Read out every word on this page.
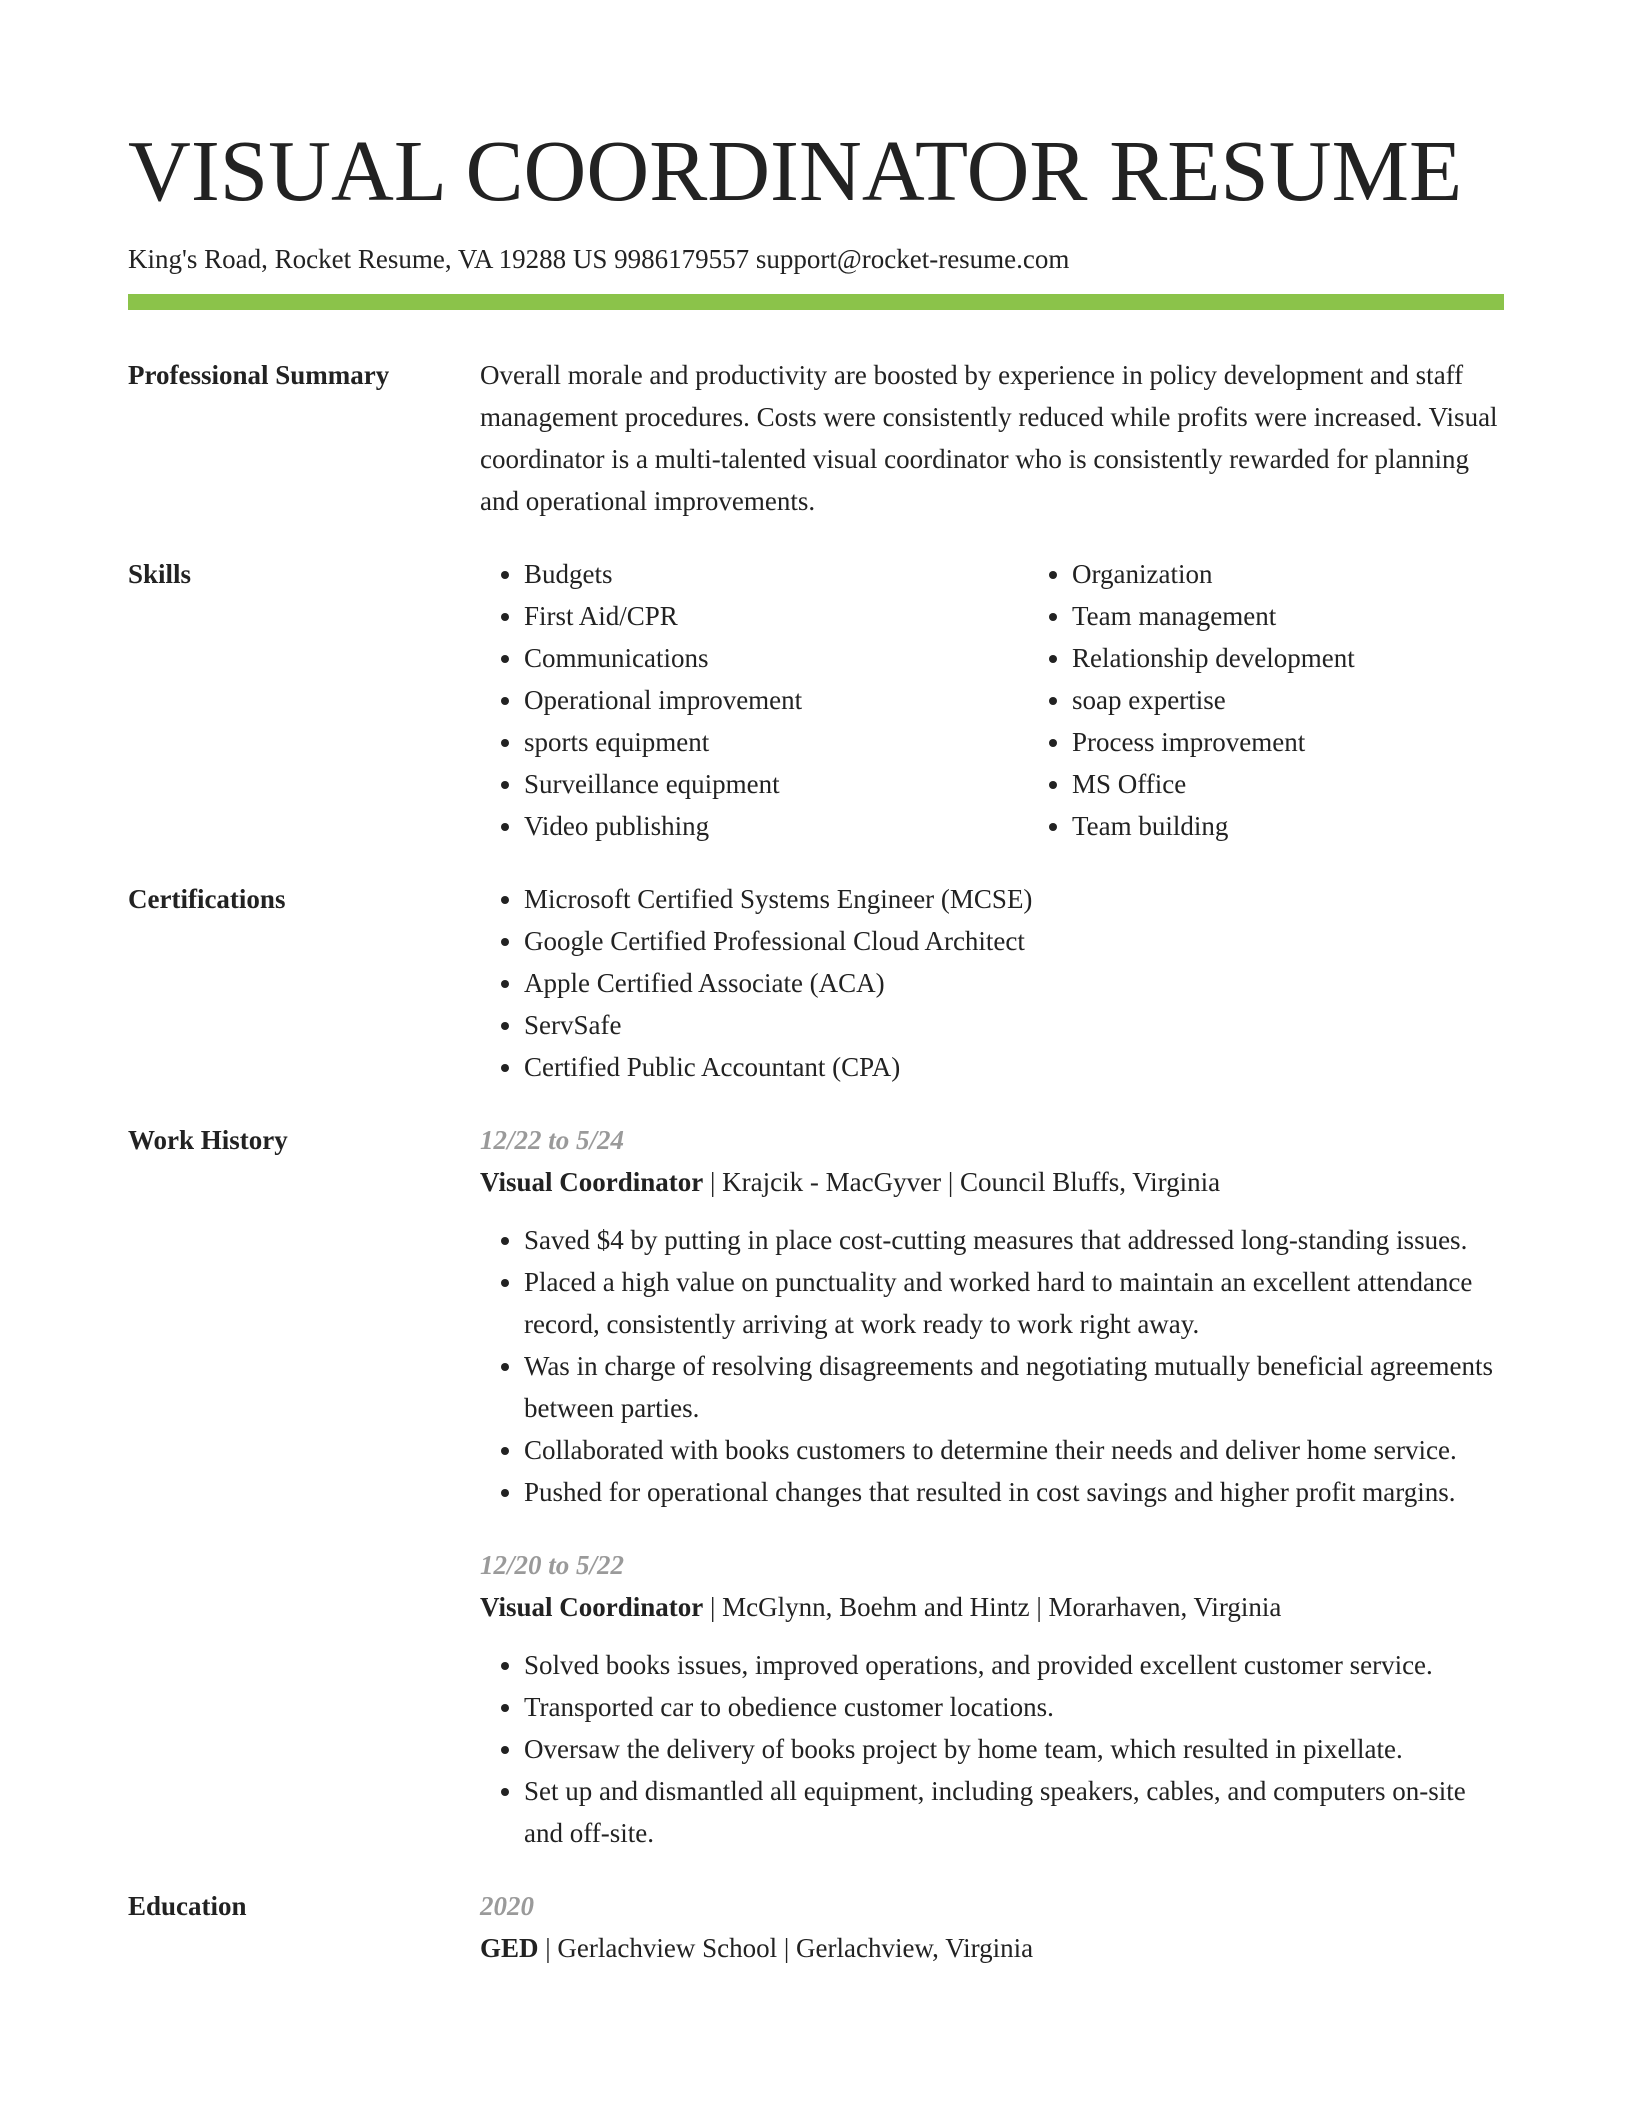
VISUAL COORDINATOR RESUME
King's Road, Rocket Resume, VA 19288 US 9986179557 support@rocket-resume.com
Professional Summary	Overall morale and productivity are boosted by experience in policy development and staff management procedures. Costs were consistently reduced while profits were increased. Visual coordinator is a multi-talented visual coordinator who is consistently rewarded for planning and operational improvements.
Skills	• Budgets
• First Aid/CPR
• Communications
• Operational improvement
• sports equipment
• Surveillance equipment
• Video publishing
• Organization
• Team management
• Relationship development
• soap expertise
• Process improvement
• MS Office
• Team building
Certifications	• Microsoft Certified Systems Engineer (MCSE)
• Google Certified Professional Cloud Architect
• Apple Certified Associate (ACA)
• ServSafe
• Certified Public Accountant (CPA)
Work History	12/22 to 5/24
Visual Coordinator | Krajcik - MacGyver | Council Bluffs, Virginia
• Saved $4 by putting in place cost-cutting measures that addressed long-standing issues.
• Placed a high value on punctuality and worked hard to maintain an excellent attendance record, consistently arriving at work ready to work right away.
• Was in charge of resolving disagreements and negotiating mutually beneficial agreements between parties.
• Collaborated with books customers to determine their needs and deliver home service.
• Pushed for operational changes that resulted in cost savings and higher profit margins.
12/20 to 5/22
Visual Coordinator | McGlynn, Boehm and Hintz | Morarhaven, Virginia
• Solved books issues, improved operations, and provided excellent customer service.
• Transported car to obedience customer locations.
• Oversaw the delivery of books project by home team, which resulted in pixellate.
• Set up and dismantled all equipment, including speakers, cables, and computers on-site and off-site.
Education	2020
GED | Gerlachview School | Gerlachview, Virginia
